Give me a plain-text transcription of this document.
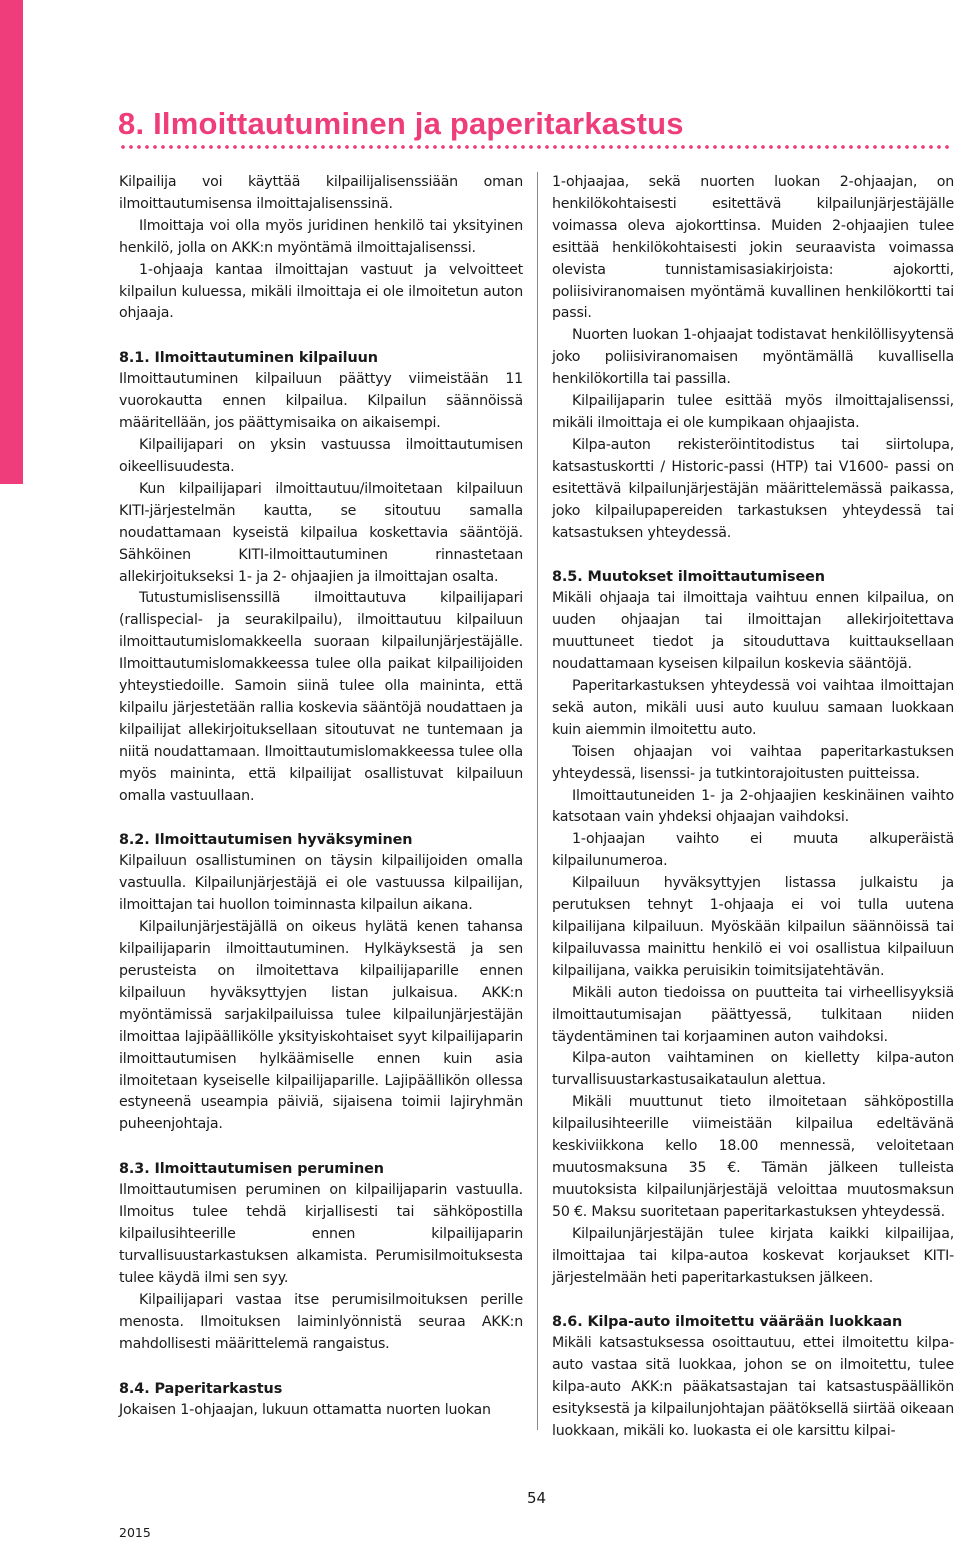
8. Ilmoittautuminen ja paperitarkastus

Kilpailija voi käyttää kilpailijalisenssiään oman ilmoittautumisensa ilmoittajalisenssinä.

Ilmoittaja voi olla myös juridinen henkilö tai yksityinen henkilö, jolla on AKK:n myöntämä ilmoittajalisenssi.

1-ohjaaja kantaa ilmoittajan vastuut ja velvoitteet kilpailun kuluessa, mikäli ilmoittaja ei ole ilmoitetun auton ohjaaja.

8.1. Ilmoittautuminen kilpailuun

Ilmoittautuminen kilpailuun päättyy viimeistään 11 vuorokautta ennen kilpailua. Kilpailun säännöissä määritellään, jos päättymisaika on aikaisempi.

Kilpailijapari on yksin vastuussa ilmoittautumisen oikeellisuudesta.

Kun kilpailijapari ilmoittautuu/ilmoitetaan kilpailuun KITI-järjestelmän kautta, se sitoutuu samalla noudattamaan kyseistä kilpailua koskettavia sääntöjä. Sähköinen KITI-ilmoittautuminen rinnastetaan allekirjoitukseksi 1- ja 2- ohjaajien ja ilmoittajan osalta.

Tutustumislisenssillä ilmoittautuva kilpailijapari (rallispecial- ja seurakilpailu), ilmoittautuu kilpailuun ilmoittautumislomakkeella suoraan kilpailunjärjestäjälle. Ilmoittautumislomakkeessa tulee olla paikat kilpailijoiden yhteystiedoille. Samoin siinä tulee olla maininta, että kilpailu järjestetään rallia koskevia sääntöjä noudattaen ja kilpailijat allekirjoituksellaan sitoutuvat ne tuntemaan ja niitä noudattamaan. Ilmoittautumislomakkeessa tulee olla myös maininta, että kilpailijat osallistuvat kilpailuun omalla vastuullaan.

8.2. Ilmoittautumisen hyväksyminen

Kilpailuun osallistuminen on täysin kilpailijoiden omalla vastuulla. Kilpailunjärjestäjä ei ole vastuussa kilpailijan, ilmoittajan tai huollon toiminnasta kilpailun aikana.

Kilpailunjärjestäjällä on oikeus hylätä kenen tahansa kilpailijaparin ilmoittautuminen. Hylkäyksestä ja sen perusteista on ilmoitettava kilpailijaparille ennen kilpailuun hyväksyttyjen listan julkaisua. AKK:n myöntämissä sarjakilpailuissa tulee kilpailunjärjestäjän ilmoittaa lajipäällikölle yksityiskohtaiset syyt kilpailijaparin ilmoittautumisen hylkäämiselle ennen kuin asia ilmoitetaan kyseiselle kilpailijaparille. Lajipäällikön ollessa estyneenä useampia päiviä, sijaisena toimii lajiryhmän puheenjohtaja.

8.3. Ilmoittautumisen peruminen

Ilmoittautumisen peruminen on kilpailijaparin vastuulla. Ilmoitus tulee tehdä kirjallisesti tai sähköpostilla kilpailusihteerille ennen kilpailijaparin turvallisuustarkastuksen alkamista. Perumisilmoituksesta tulee käydä ilmi sen syy.

Kilpailijapari vastaa itse perumisilmoituksen perille menosta. Ilmoituksen laiminlyönnistä seuraa AKK:n mahdollisesti määrittelemä rangaistus.

8.4. Paperitarkastus

Jokaisen 1-ohjaajan, lukuun ottamatta nuorten luokan

1-ohjaajaa, sekä nuorten luokan 2-ohjaajan, on henkilökohtaisesti esitettävä kilpailunjärjestäjälle voimassa oleva ajokorttinsa. Muiden 2-ohjaajien tulee esittää henkilökohtaisesti jokin seuraavista voimassa olevista tunnistamisasiakirjoista: ajokortti, poliisiviranomaisen myöntämä kuvallinen henkilökortti tai passi.

Nuorten luokan 1-ohjaajat todistavat henkilöllisyytensä joko poliisiviranomaisen myöntämällä kuvallisella henkilökortilla tai passilla.

Kilpailijaparin tulee esittää myös ilmoittajalisenssi, mikäli ilmoittaja ei ole kumpikaan ohjaajista.

Kilpa-auton rekisteröintitodistus tai siirtolupa, katsastuskortti / Historic-passi (HTP) tai V1600- passi on esitettävä kilpailunjärjestäjän määrittelemässä paikassa, joko kilpailupapereiden tarkastuksen yhteydessä tai katsastuksen yhteydessä.

8.5. Muutokset ilmoittautumiseen

Mikäli ohjaaja tai ilmoittaja vaihtuu ennen kilpailua, on uuden ohjaajan tai ilmoittajan allekirjoitettava muuttuneet tiedot ja sitouduttava kuittauksellaan noudattamaan kyseisen kilpailun koskevia sääntöjä.

Paperitarkastuksen yhteydessä voi vaihtaa ilmoittajan sekä auton, mikäli uusi auto kuuluu samaan luokkaan kuin aiemmin ilmoitettu auto.

Toisen ohjaajan voi vaihtaa paperitarkastuksen yhteydessä, lisenssi- ja tutkintorajoitusten puitteissa.

Ilmoittautuneiden 1- ja 2-ohjaajien keskinäinen vaihto katsotaan vain yhdeksi ohjaajan vaihdoksi.

1-ohjaajan vaihto ei muuta alkuperäistä kilpailunumeroa.

Kilpailuun hyväksyttyjen listassa julkaistu ja perutuksen tehnyt 1-ohjaaja ei voi tulla uutena kilpailijana kilpailuun. Myöskään kilpailun säännöissä tai kilpailuvassa mainittu henkilö ei voi osallistua kilpailuun kilpailijana, vaikka peruisikin toimitsijatehtävän.

Mikäli auton tiedoissa on puutteita tai virheellisyyksiä ilmoittautumisajan päättyessä, tulkitaan niiden täydentäminen tai korjaaminen auton vaihdoksi.

Kilpa-auton vaihtaminen on kielletty kilpa-auton turvallisuustarkastusaikataulun alettua.

Mikäli muuttunut tieto ilmoitetaan sähköpostilla kilpailusihteerille viimeistään kilpailua edeltävänä keskiviikkona kello 18.00 mennessä, veloitetaan muutosmaksuna 35 €. Tämän jälkeen tulleista muutoksista kilpailunjärjestäjä veloittaa muutosmaksun 50 €. Maksu suoritetaan paperitarkastuksen yhteydessä.

Kilpailunjärjestäjän tulee kirjata kaikki kilpailijaa, ilmoittajaa tai kilpa-autoa koskevat korjaukset KITI-järjestelmään heti paperitarkastuksen jälkeen.

8.6. Kilpa-auto ilmoitettu väärään luokkaan

Mikäli katsastuksessa osoittautuu, ettei ilmoitettu kilpa-auto vastaa sitä luokkaa, johon se on ilmoitettu, tulee kilpa-auto AKK:n pääkatsastajan tai katsastuspäällikön esityksestä ja kilpailunjohtajan päätöksellä siirtää oikeaan luokkaan, mikäli ko. luokasta ei ole karsittu kilpai-

54
2015
